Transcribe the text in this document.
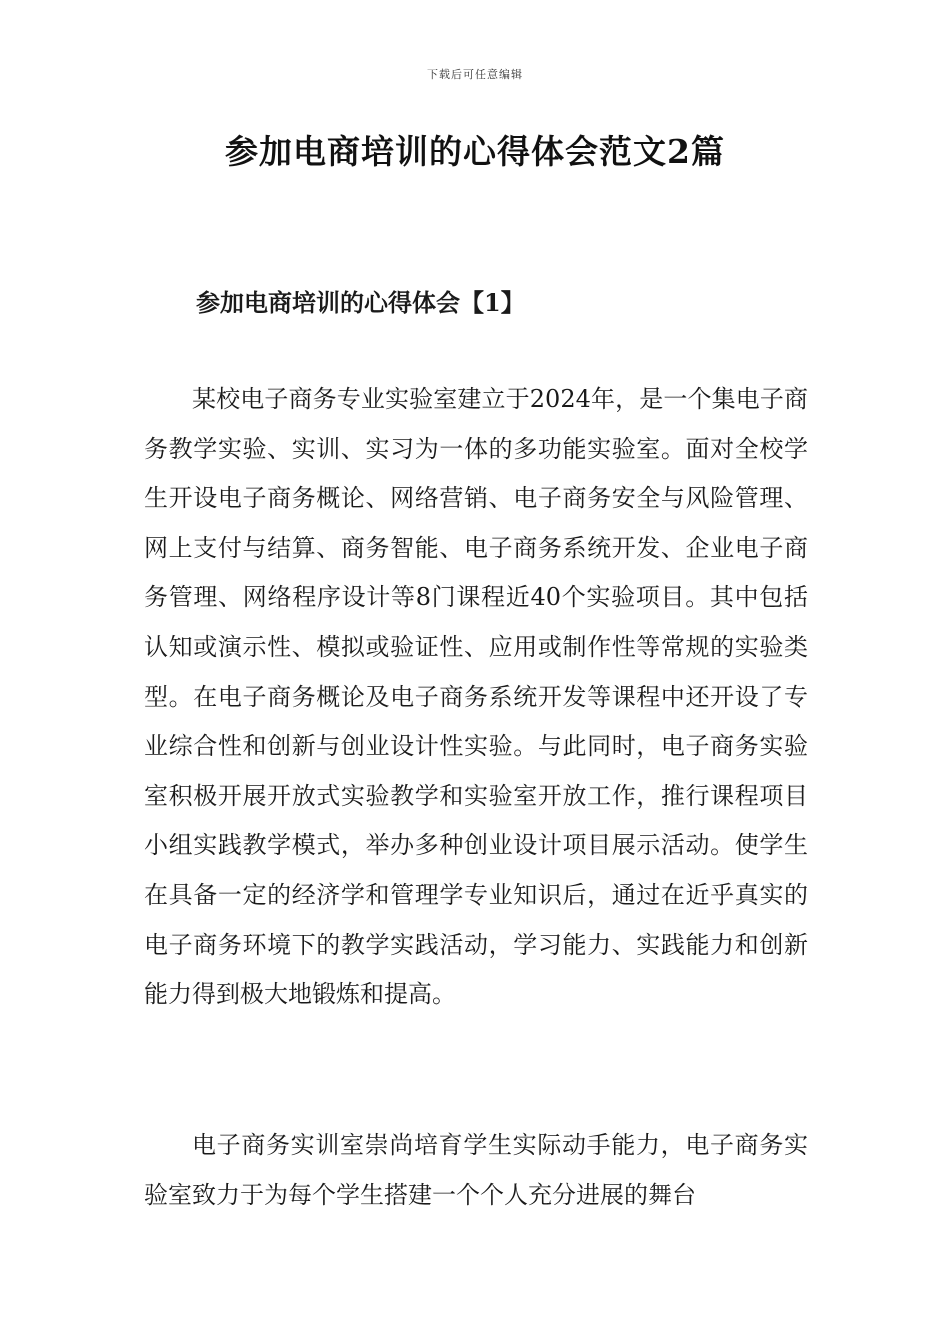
下载后可任意编辑
参加电商培训的心得体会范文2篇
参加电商培训的心得体会【1】

某校电子商务专业实验室建立于2024年，是一个集电子商务教学实验、实训、实习为一体的多功能实验室。面对全校学生开设电子商务概论、网络营销、电子商务安全与风险管理、网上支付与结算、商务智能、电子商务系统开发、企业电子商务管理、网络程序设计等8门课程近40个实验项目。其中包括认知或演示性、模拟或验证性、应用或制作性等常规的实验类型。在电子商务概论及电子商务系统开发等课程中还开设了专业综合性和创新与创业设计性实验。与此同时，电子商务实验室积极开展开放式实验教学和实验室开放工作，推行课程项目小组实践教学模式，举办多种创业设计项目展示活动。使学生在具备一定的经济学和管理学专业知识后，通过在近乎真实的电子商务环境下的教学实践活动，学习能力、实践能力和创新能力得到极大地锻炼和提高。

电子商务实训室崇尚培育学生实际动手能力，电子商务实验室致力于为每个学生搭建一个个人充分进展的舞台
